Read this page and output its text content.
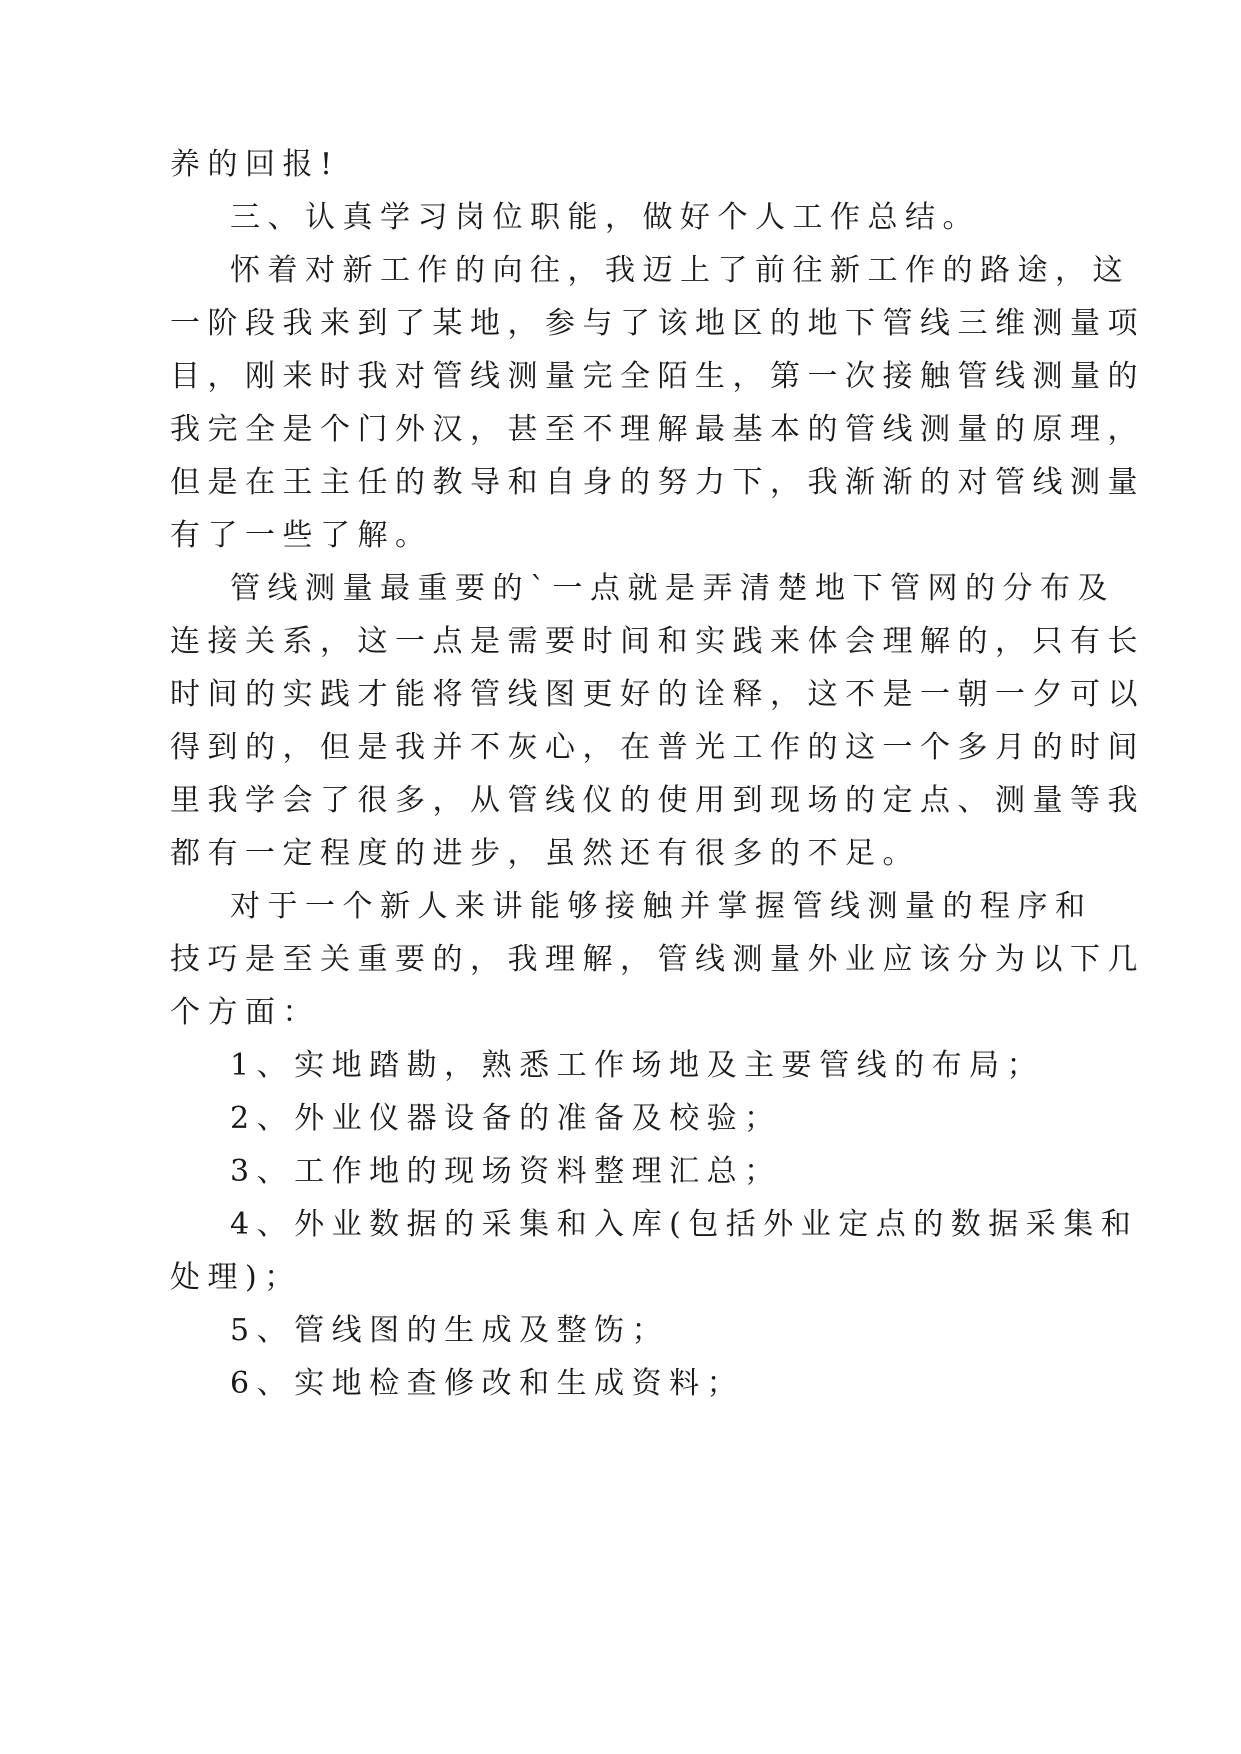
养的回报!
三、认真学习岗位职能，做好个人工作总结。
怀着对新工作的向往，我迈上了前往新工作的路途，这
一阶段我来到了某地，参与了该地区的地下管线三维测量项
目，刚来时我对管线测量完全陌生，第一次接触管线测量的
我完全是个门外汉，甚至不理解最基本的管线测量的原理，
但是在王主任的教导和自身的努力下，我渐渐的对管线测量
有了一些了解。
管线测量最重要的`一点就是弄清楚地下管网的分布及
连接关系，这一点是需要时间和实践来体会理解的，只有长
时间的实践才能将管线图更好的诠释，这不是一朝一夕可以
得到的，但是我并不灰心，在普光工作的这一个多月的时间
里我学会了很多，从管线仪的使用到现场的定点、测量等我
都有一定程度的进步，虽然还有很多的不足。
对于一个新人来讲能够接触并掌握管线测量的程序和
技巧是至关重要的，我理解，管线测量外业应该分为以下几
个方面：
1、实地踏勘，熟悉工作场地及主要管线的布局；
2、外业仪器设备的准备及校验；
3、工作地的现场资料整理汇总；
4、外业数据的采集和入库(包括外业定点的数据采集和
处理)；
5、管线图的生成及整饬；
6、实地检查修改和生成资料；
